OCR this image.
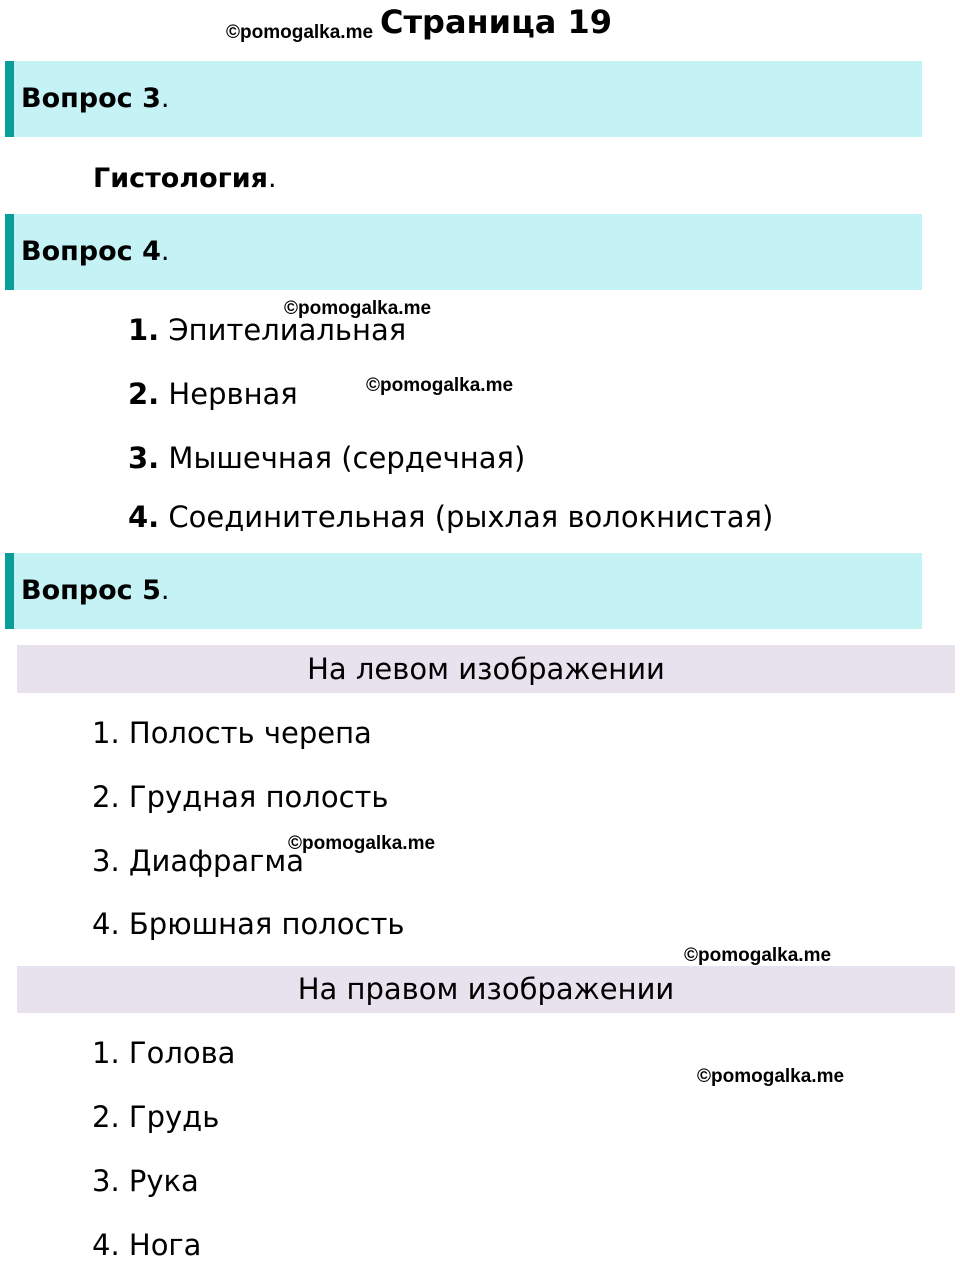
©pomogalka.me Страница 19
Вопрос 3.
Гистология.
Вопрос 4.
©pomogalka.me
1. Эпителиальная
2. Нервная	©pomogalka.me
3. Мышечная (сердечная)
4. Соединительная (рыхлая волокнистая)
Вопрос 5.
На левом изображении
1. Полость черепа
2. Грудная полость
©pomogalka.me
3. Диафрагма
4. Брюшная полость
©pomogalka.me
На правом изображении
1. Голова
©pomogalka.me
2. Грудь
3. Рука
4. Нога
